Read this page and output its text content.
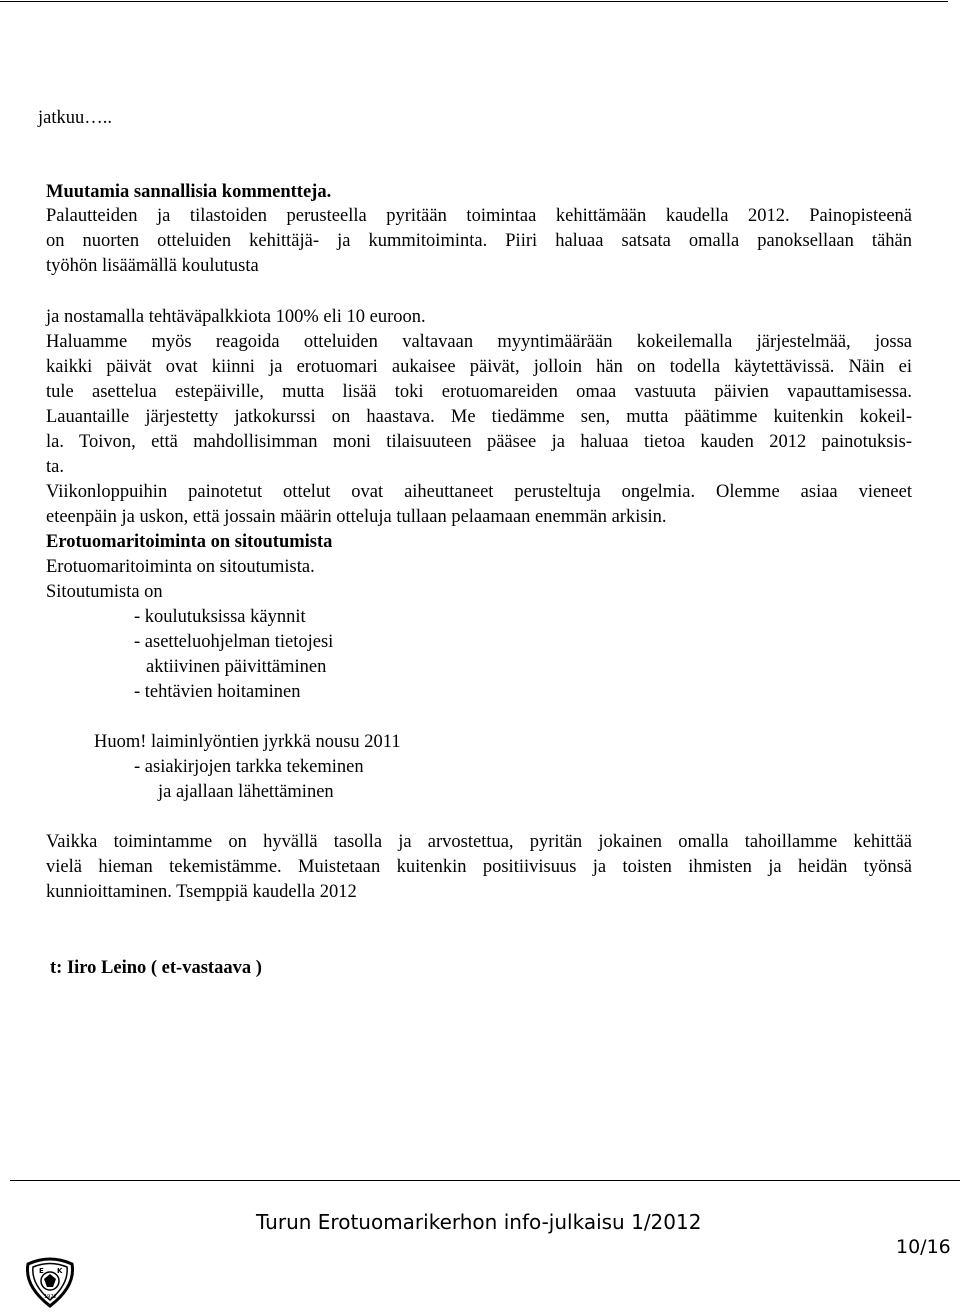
jatkuu…..
Muutamia sannallisia kommentteja.
Palautteiden ja tilastoiden perusteella pyritään toimintaa kehittämään kaudella 2012. Painopisteenä
on nuorten otteluiden kehittäjä- ja kummitoiminta. Piiri haluaa satsata omalla panoksellaan tähän
työhön lisäämällä koulutusta
ja nostamalla tehtäväpalkkiota 100% eli 10 euroon.
Haluamme myös reagoida otteluiden valtavaan myyntimäärään kokeilemalla järjestelmää, jossa
kaikki päivät ovat kiinni ja erotuomari aukaisee päivät, jolloin hän on todella käytettävissä. Näin ei
tule asettelua estepäiville, mutta lisää toki erotuomareiden omaa vastuuta päivien vapauttamisessa.
Lauantaille järjestetty jatkokurssi on haastava. Me tiedämme sen, mutta päätimme kuitenkin kokeil-
la. Toivon, että mahdollisimman moni tilaisuuteen pääsee ja haluaa tietoa kauden 2012 painotuksis-
ta.
Viikonloppuihin painotetut ottelut ovat aiheuttaneet perusteltuja ongelmia. Olemme asiaa vieneet
eteenpäin ja uskon, että jossain määrin otteluja tullaan pelaamaan enemmän arkisin.
Erotuomaritoiminta on sitoutumista
Erotuomaritoiminta on sitoutumista.
Sitoutumista on
- koulutuksissa käynnit
- asetteluohjelman tietojesi
aktiivinen päivittäminen
- tehtävien hoitaminen
Huom! laiminlyöntien jyrkkä nousu 2011
- asiakirjojen tarkka tekeminen
ja ajallaan lähettäminen
Vaikka toimintamme on hyvällä tasolla ja arvostettua, pyritän jokainen omalla tahoillamme kehittää
vielä hieman tekemistämme. Muistetaan kuitenkin positiivisuus ja toisten ihmisten ja heidän työnsä
kunnioittaminen. Tsemppiä kaudella 2012
t: Iiro Leino ( et-vastaava )
Turun Erotuomarikerhon info-julkaisu 1/2012
10/16
E K
1922
